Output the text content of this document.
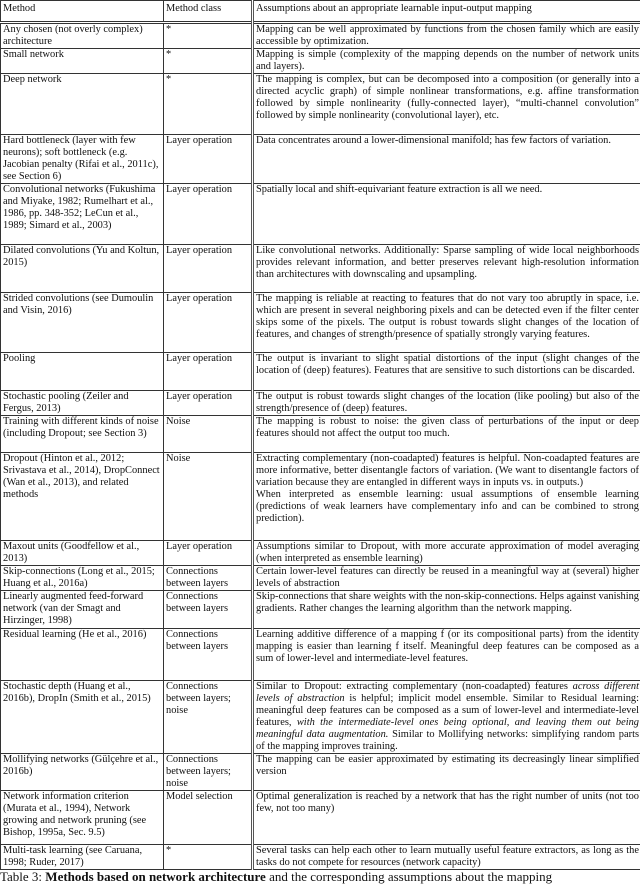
Method	Method class	Assumptions about an appropriate learnable input-output mapping
Any chosen (not overly complex) architecture	*	Mapping can be well approximated by functions from the chosen family which are easily accessible by optimization.

Small network	*	Mapping is simple (complexity of the mapping depends on the number of network units and layers).

Deep network	*	The mapping is complex, but can be decomposed into a composition (or generally into a directed acyclic graph) of simple nonlinear transformations, e.g. affine transformation followed by simple nonlinearity (fully-connected layer), “multi-channel convolution” followed by simple nonlinearity (convolutional layer), etc.

Hard bottleneck (layer with few neurons); soft bottleneck (e.g. Jacobian penalty (Rifai et al., 2011c), see Section 6)	Layer operation	Data concentrates around a lower-dimensional manifold; has few factors of variation.

Convolutional networks (Fukushima and Miyake, 1982; Rumelhart et al., 1986, pp. 348-352; LeCun et al., 1989; Simard et al., 2003)	Layer operation	Spatially local and shift-equivariant feature extraction is all we need.

Dilated convolutions (Yu and Koltun, 2015)	Layer operation	Like convolutional networks. Additionally: Sparse sampling of wide local neighborhoods provides relevant information, and better preserves relevant high-resolution information than architectures with downscaling and upsampling.

Strided convolutions (see Dumoulin and Visin, 2016)	Layer operation	The mapping is reliable at reacting to features that do not vary too abruptly in space, i.e. which are present in several neighboring pixels and can be detected even if the filter center skips some of the pixels. The output is robust towards slight changes of the location of features, and changes of strength/presence of spatially strongly varying features.

Pooling	Layer operation	The output is invariant to slight spatial distortions of the input (slight changes of the location of (deep) features). Features that are sensitive to such distortions can be discarded.

Stochastic pooling (Zeiler and Fergus, 2013)	Layer operation	The output is robust towards slight changes of the location (like pooling) but also of the strength/presence of (deep) features.

Training with different kinds of noise (including Dropout; see Section 3)	Noise	The mapping is robust to noise: the given class of perturbations of the input or deep features should not affect the output too much.

Dropout (Hinton et al., 2012; Srivastava et al., 2014), DropConnect (Wan et al., 2013), and related methods	Noise	Extracting complementary (non-coadapted) features is helpful. Non-coadapted features are more informative, better disentangle factors of variation. (We want to disentangle factors of variation because they are entangled in different ways in inputs vs. in outputs.)
When interpreted as ensemble learning: usual assumptions of ensemble learning (predictions of weak learners have complementary info and can be combined to strong prediction).

Maxout units (Goodfellow et al., 2013)	Layer operation	Assumptions similar to Dropout, with more accurate approximation of model averaging (when interpreted as ensemble learning)

Skip-connections (Long et al., 2015; Huang et al., 2016a)	Connections between layers	Certain lower-level features can directly be reused in a meaningful way at (several) higher levels of abstraction

Linearly augmented feed-forward network (van der Smagt and Hirzinger, 1998)	Connections between layers	Skip-connections that share weights with the non-skip-connections. Helps against vanishing gradients. Rather changes the learning algorithm than the network mapping.

Residual learning (He et al., 2016)	Connections between layers	Learning additive difference of a mapping f (or its compositional parts) from the identity mapping is easier than learning f itself. Meaningful deep features can be composed as a sum of lower-level and intermediate-level features.

Stochastic depth (Huang et al., 2016b), DropIn (Smith et al., 2015)	Connections between layers; noise	Similar to Dropout: extracting complementary (non-coadapted) features across different levels of abstraction is helpful; implicit model ensemble. Similar to Residual learning: meaningful deep features can be composed as a sum of lower-level and intermediate-level features, with the intermediate-level ones being optional, and leaving them out being meaningful data augmentation. Similar to Mollifying networks: simplifying random parts of the mapping improves training.
Mollifying networks (Gülçehre et al., 2016b)	Connections between layers; noise	The mapping can be easier approximated by estimating its decreasingly linear simplified version

Network information criterion (Murata et al., 1994), Network growing and network pruning (see Bishop, 1995a, Sec. 9.5)	Model selection	Optimal generalization is reached by a network that has the right number of units (not too few, not too many)

Multi-task learning (see Caruana, 1998; Ruder, 2017)	*	Several tasks can help each other to learn mutually useful feature extractors, as long as the tasks do not compete for resources (network capacity)
Table 3: Methods based on network architecture and the corresponding assumptions about the mapping
